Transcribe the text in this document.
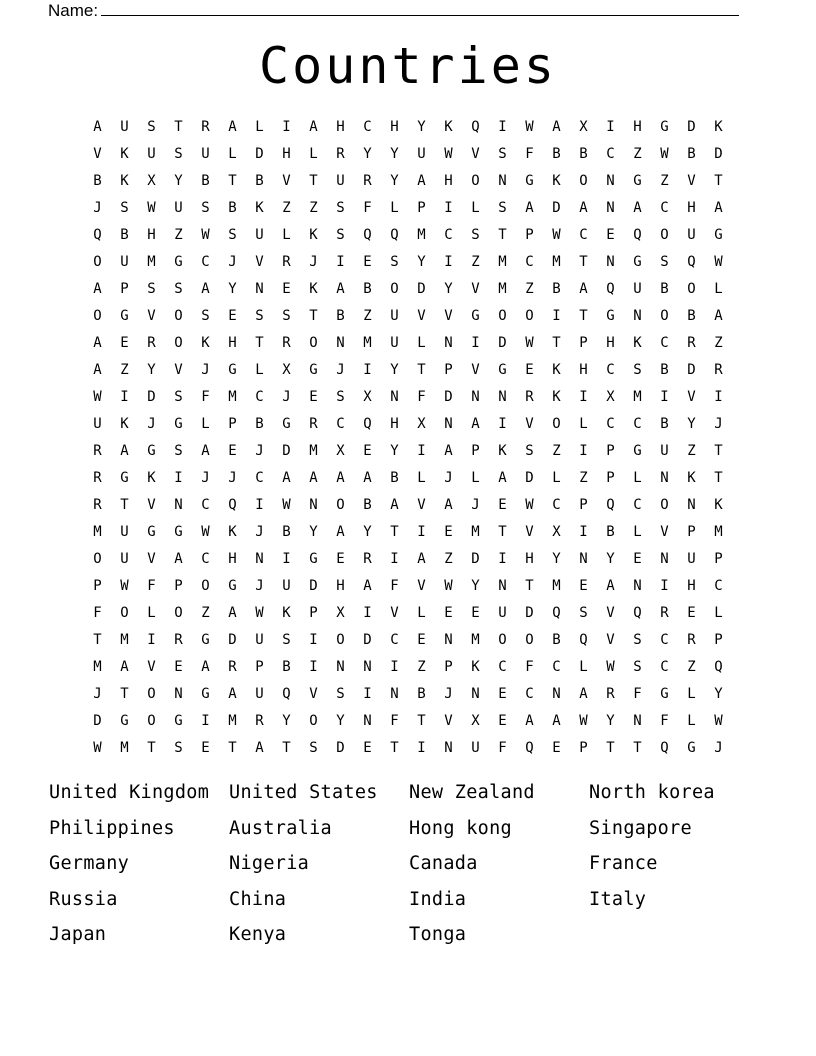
Name:
Countries
A	U	S	T	R	A	L	I	A	H	C	H	Y	K	Q	I	W	A	X	I	H	G	D	K
V	K	U	S	U	L	D	H	L	R	Y	Y	U	W	V	S	F	B	B	C	Z	W	B	D
B	K	X	Y	B	T	B	V	T	U	R	Y	A	H	O	N	G	K	O	N	G	Z	V	T
J	S	W	U	S	B	K	Z	Z	S	F	L	P	I	L	S	A	D	A	N	A	C	H	A
Q	B	H	Z	W	S	U	L	K	S	Q	Q	M	C	S	T	P	W	C	E	Q	O	U	G
O	U	M	G	C	J	V	R	J	I	E	S	Y	I	Z	M	C	M	T	N	G	S	Q	W
A	P	S	S	A	Y	N	E	K	A	B	O	D	Y	V	M	Z	B	A	Q	U	B	O	L
O	G	V	O	S	E	S	S	T	B	Z	U	V	V	G	O	O	I	T	G	N	O	B	A
A	E	R	O	K	H	T	R	O	N	M	U	L	N	I	D	W	T	P	H	K	C	R	Z
A	Z	Y	V	J	G	L	X	G	J	I	Y	T	P	V	G	E	K	H	C	S	B	D	R
W	I	D	S	F	M	C	J	E	S	X	N	F	D	N	N	R	K	I	X	M	I	V	I
U	K	J	G	L	P	B	G	R	C	Q	H	X	N	A	I	V	O	L	C	C	B	Y	J
R	A	G	S	A	E	J	D	M	X	E	Y	I	A	P	K	S	Z	I	P	G	U	Z	T
R	G	K	I	J	J	C	A	A	A	A	B	L	J	L	A	D	L	Z	P	L	N	K	T
R	T	V	N	C	Q	I	W	N	O	B	A	V	A	J	E	W	C	P	Q	C	O	N	K
M	U	G	G	W	K	J	B	Y	A	Y	T	I	E	M	T	V	X	I	B	L	V	P	M
O	U	V	A	C	H	N	I	G	E	R	I	A	Z	D	I	H	Y	N	Y	E	N	U	P
P	W	F	P	O	G	J	U	D	H	A	F	V	W	Y	N	T	M	E	A	N	I	H	C
F	O	L	O	Z	A	W	K	P	X	I	V	L	E	E	U	D	Q	S	V	Q	R	E	L
T	M	I	R	G	D	U	S	I	O	D	C	E	N	M	O	O	B	Q	V	S	C	R	P
M	A	V	E	A	R	P	B	I	N	N	I	Z	P	K	C	F	C	L	W	S	C	Z	Q
J	T	O	N	G	A	U	Q	V	S	I	N	B	J	N	E	C	N	A	R	F	G	L	Y
D	G	O	G	I	M	R	Y	O	Y	N	F	T	V	X	E	A	A	W	Y	N	F	L	W
W	M	T	S	E	T	A	T	S	D	E	T	I	N	U	F	Q	E	P	T	T	Q	G	J
United Kingdom	United States	New Zealand	North korea
Philippines	Australia	Hong kong	Singapore
Germany	Nigeria	Canada	France
Russia	China	India	Italy
Japan	Kenya	Tonga
